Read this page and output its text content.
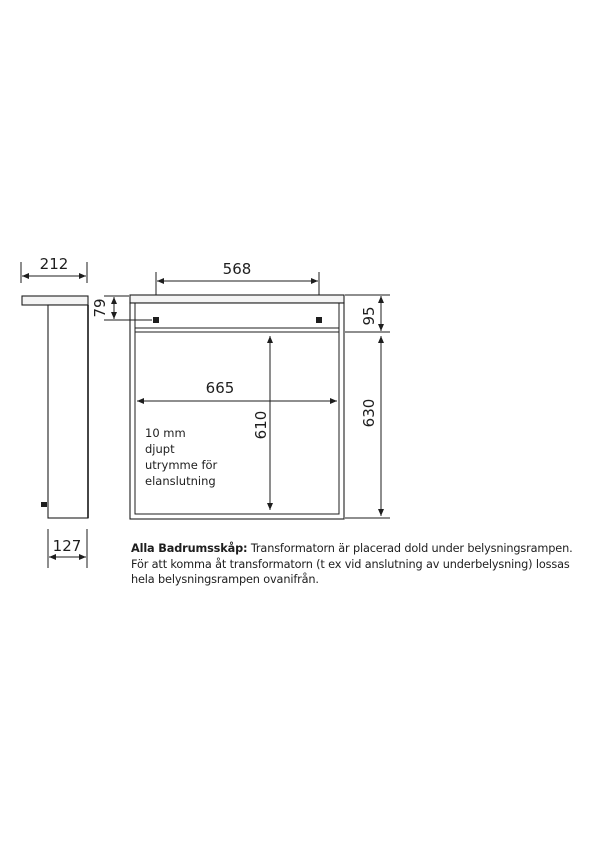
212
127
568
79
665
610
10 mm
djupt
utrymme för
elanslutning
95
630

Alla Badrumsskåp: Transformatorn är placerad dold under belysningsrampen.

För att komma åt transformatorn (t ex vid anslutning av underbelysning) lossas

hela belysningsrampen ovanifrån.
